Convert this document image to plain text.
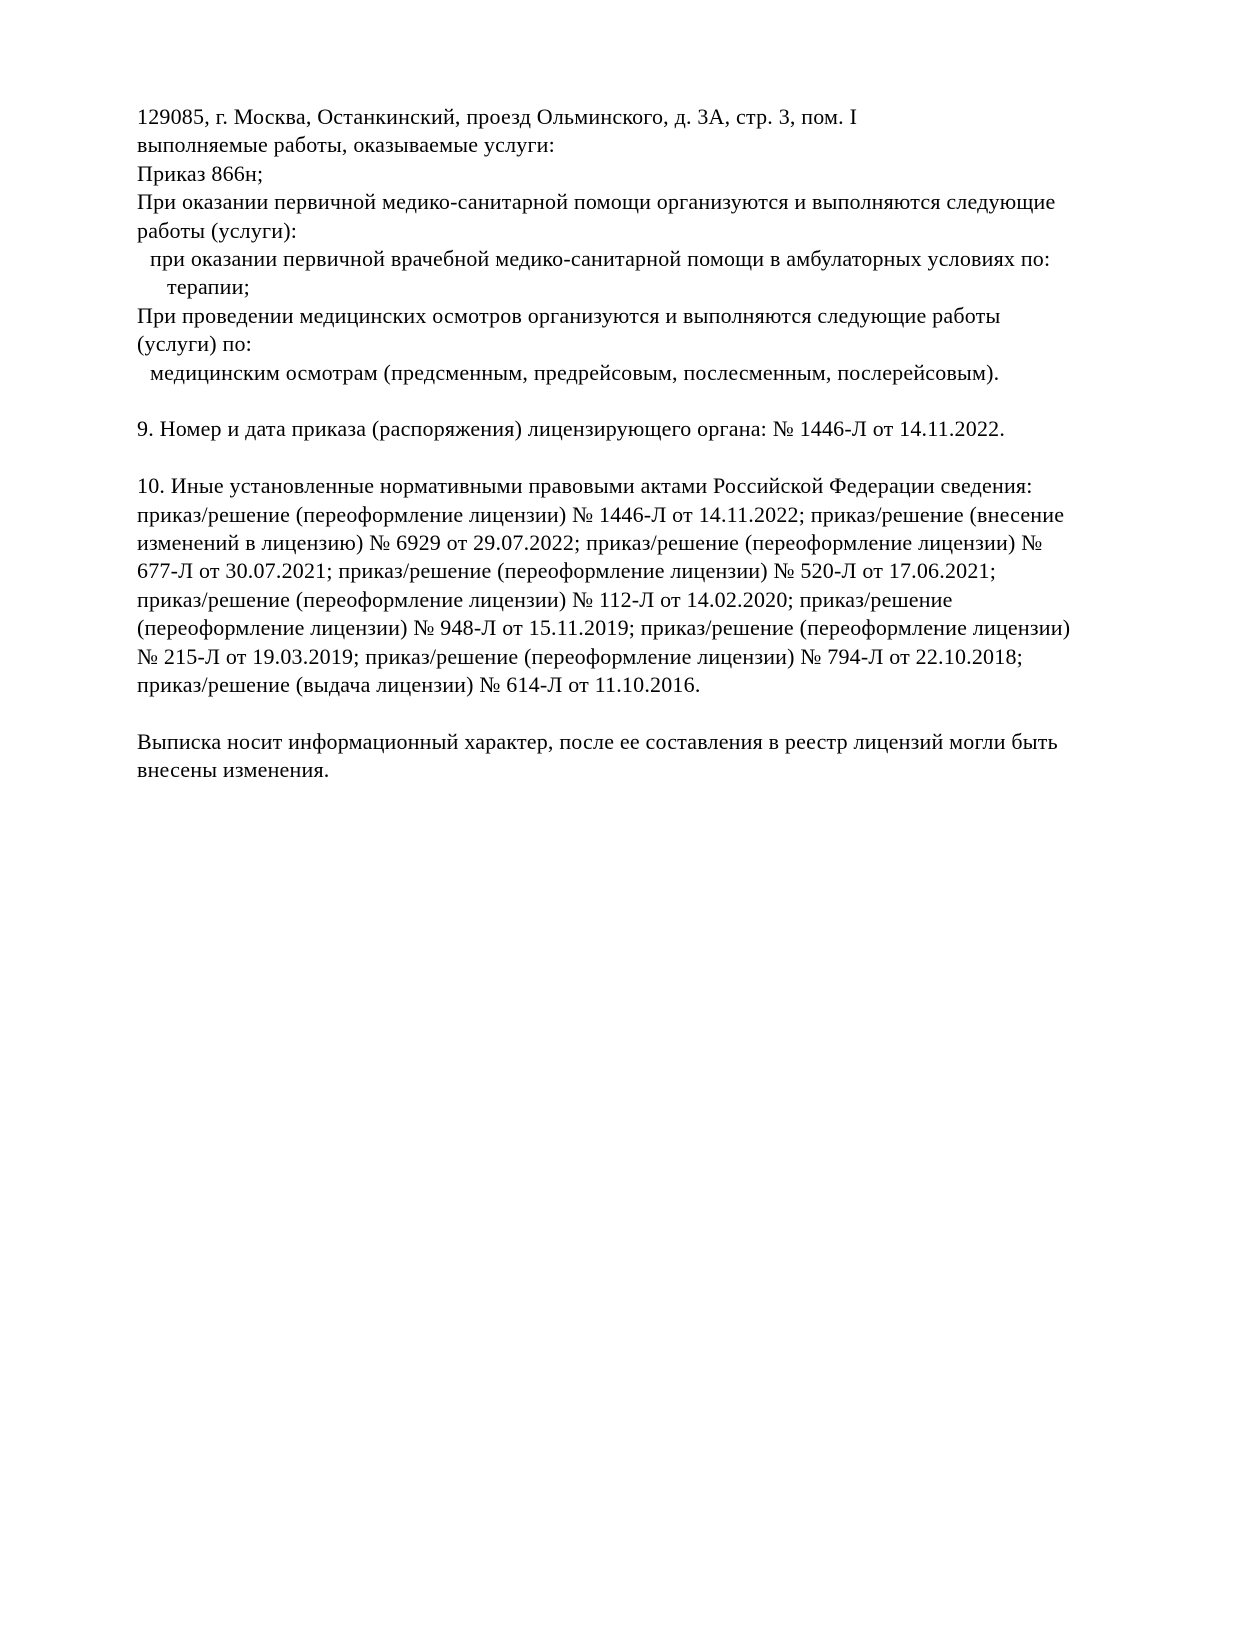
129085, г. Москва, Останкинский, проезд Ольминского, д. 3А, стр. 3, пом. I
выполняемые работы, оказываемые услуги:
Приказ 866н;
При оказании первичной медико-санитарной помощи организуются и выполняются следующие
работы (услуги):
при оказании первичной врачебной медико-санитарной помощи в амбулаторных условиях по:
терапии;
При проведении медицинских осмотров организуются и выполняются следующие работы
(услуги) по:
медицинским осмотрам (предсменным, предрейсовым, послесменным, послерейсовым).
9. Номер и дата приказа (распоряжения) лицензирующего органа: № 1446-Л от 14.11.2022.
10. Иные установленные нормативными правовыми актами Российской Федерации сведения:
приказ/решение (переоформление лицензии) № 1446-Л от 14.11.2022; приказ/решение (внесение
изменений в лицензию) № 6929 от 29.07.2022; приказ/решение (переоформление лицензии) №
677-Л от 30.07.2021; приказ/решение (переоформление лицензии) № 520-Л от 17.06.2021;
приказ/решение (переоформление лицензии) № 112-Л от 14.02.2020; приказ/решение
(переоформление лицензии) № 948-Л от 15.11.2019; приказ/решение (переоформление лицензии)
№ 215-Л от 19.03.2019; приказ/решение (переоформление лицензии) № 794-Л от 22.10.2018;
приказ/решение (выдача лицензии) № 614-Л от 11.10.2016.
Выписка носит информационный характер, после ее составления в реестр лицензий могли быть
внесены изменения.
